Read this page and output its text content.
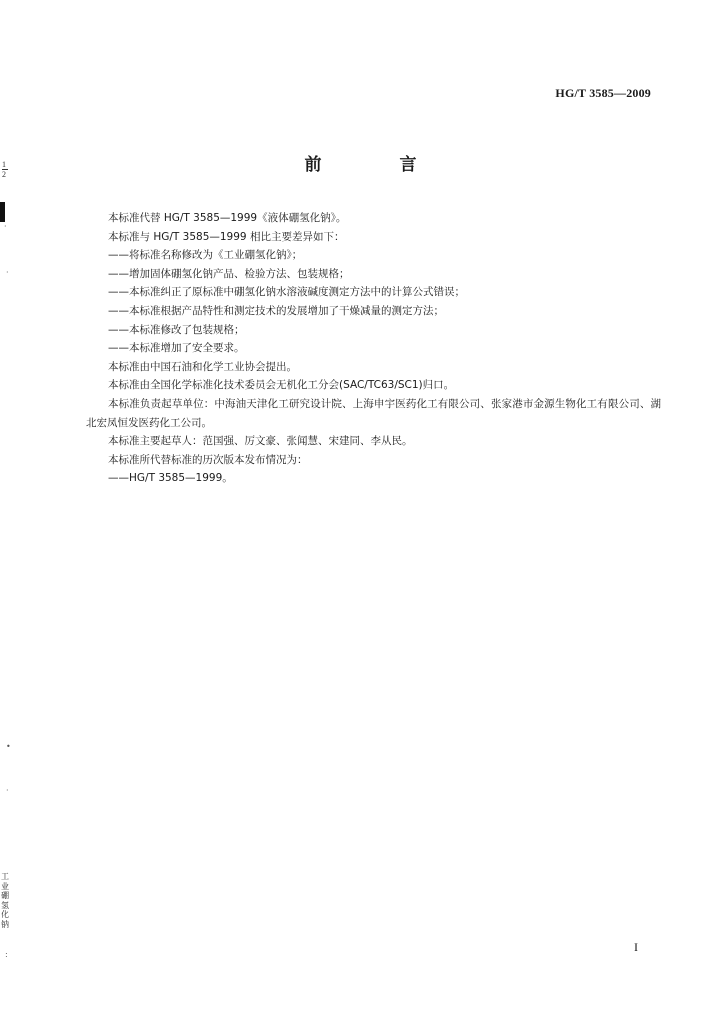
HG/T 3585—2009
1
2
·
·
•
·
:
工业硼氢化钠
前 言

本标准代替 HG/T 3585—1999《液体硼氢化钠》。

本标准与 HG/T 3585—1999 相比主要差异如下：

——将标准名称修改为《工业硼氢化钠》；

——增加固体硼氢化钠产品、检验方法、包装规格；

——本标准纠正了原标准中硼氢化钠水溶液碱度测定方法中的计算公式错误；

——本标准根据产品特性和测定技术的发展增加了干燥减量的测定方法；

——本标准修改了包装规格；

——本标准增加了安全要求。

本标准由中国石油和化学工业协会提出。

本标准由全国化学标准化技术委员会无机化工分会(SAC/TC63/SC1)归口。

本标准负责起草单位：中海油天津化工研究设计院、上海申宇医药化工有限公司、张家港市金源生物化工有限公司、湖北宏凤恒发医药化工公司。

本标准主要起草人：范国强、厉文豪、张闻慧、宋建同、李从民。

本标准所代替标准的历次版本发布情况为：

——HG/T 3585—1999。

I
